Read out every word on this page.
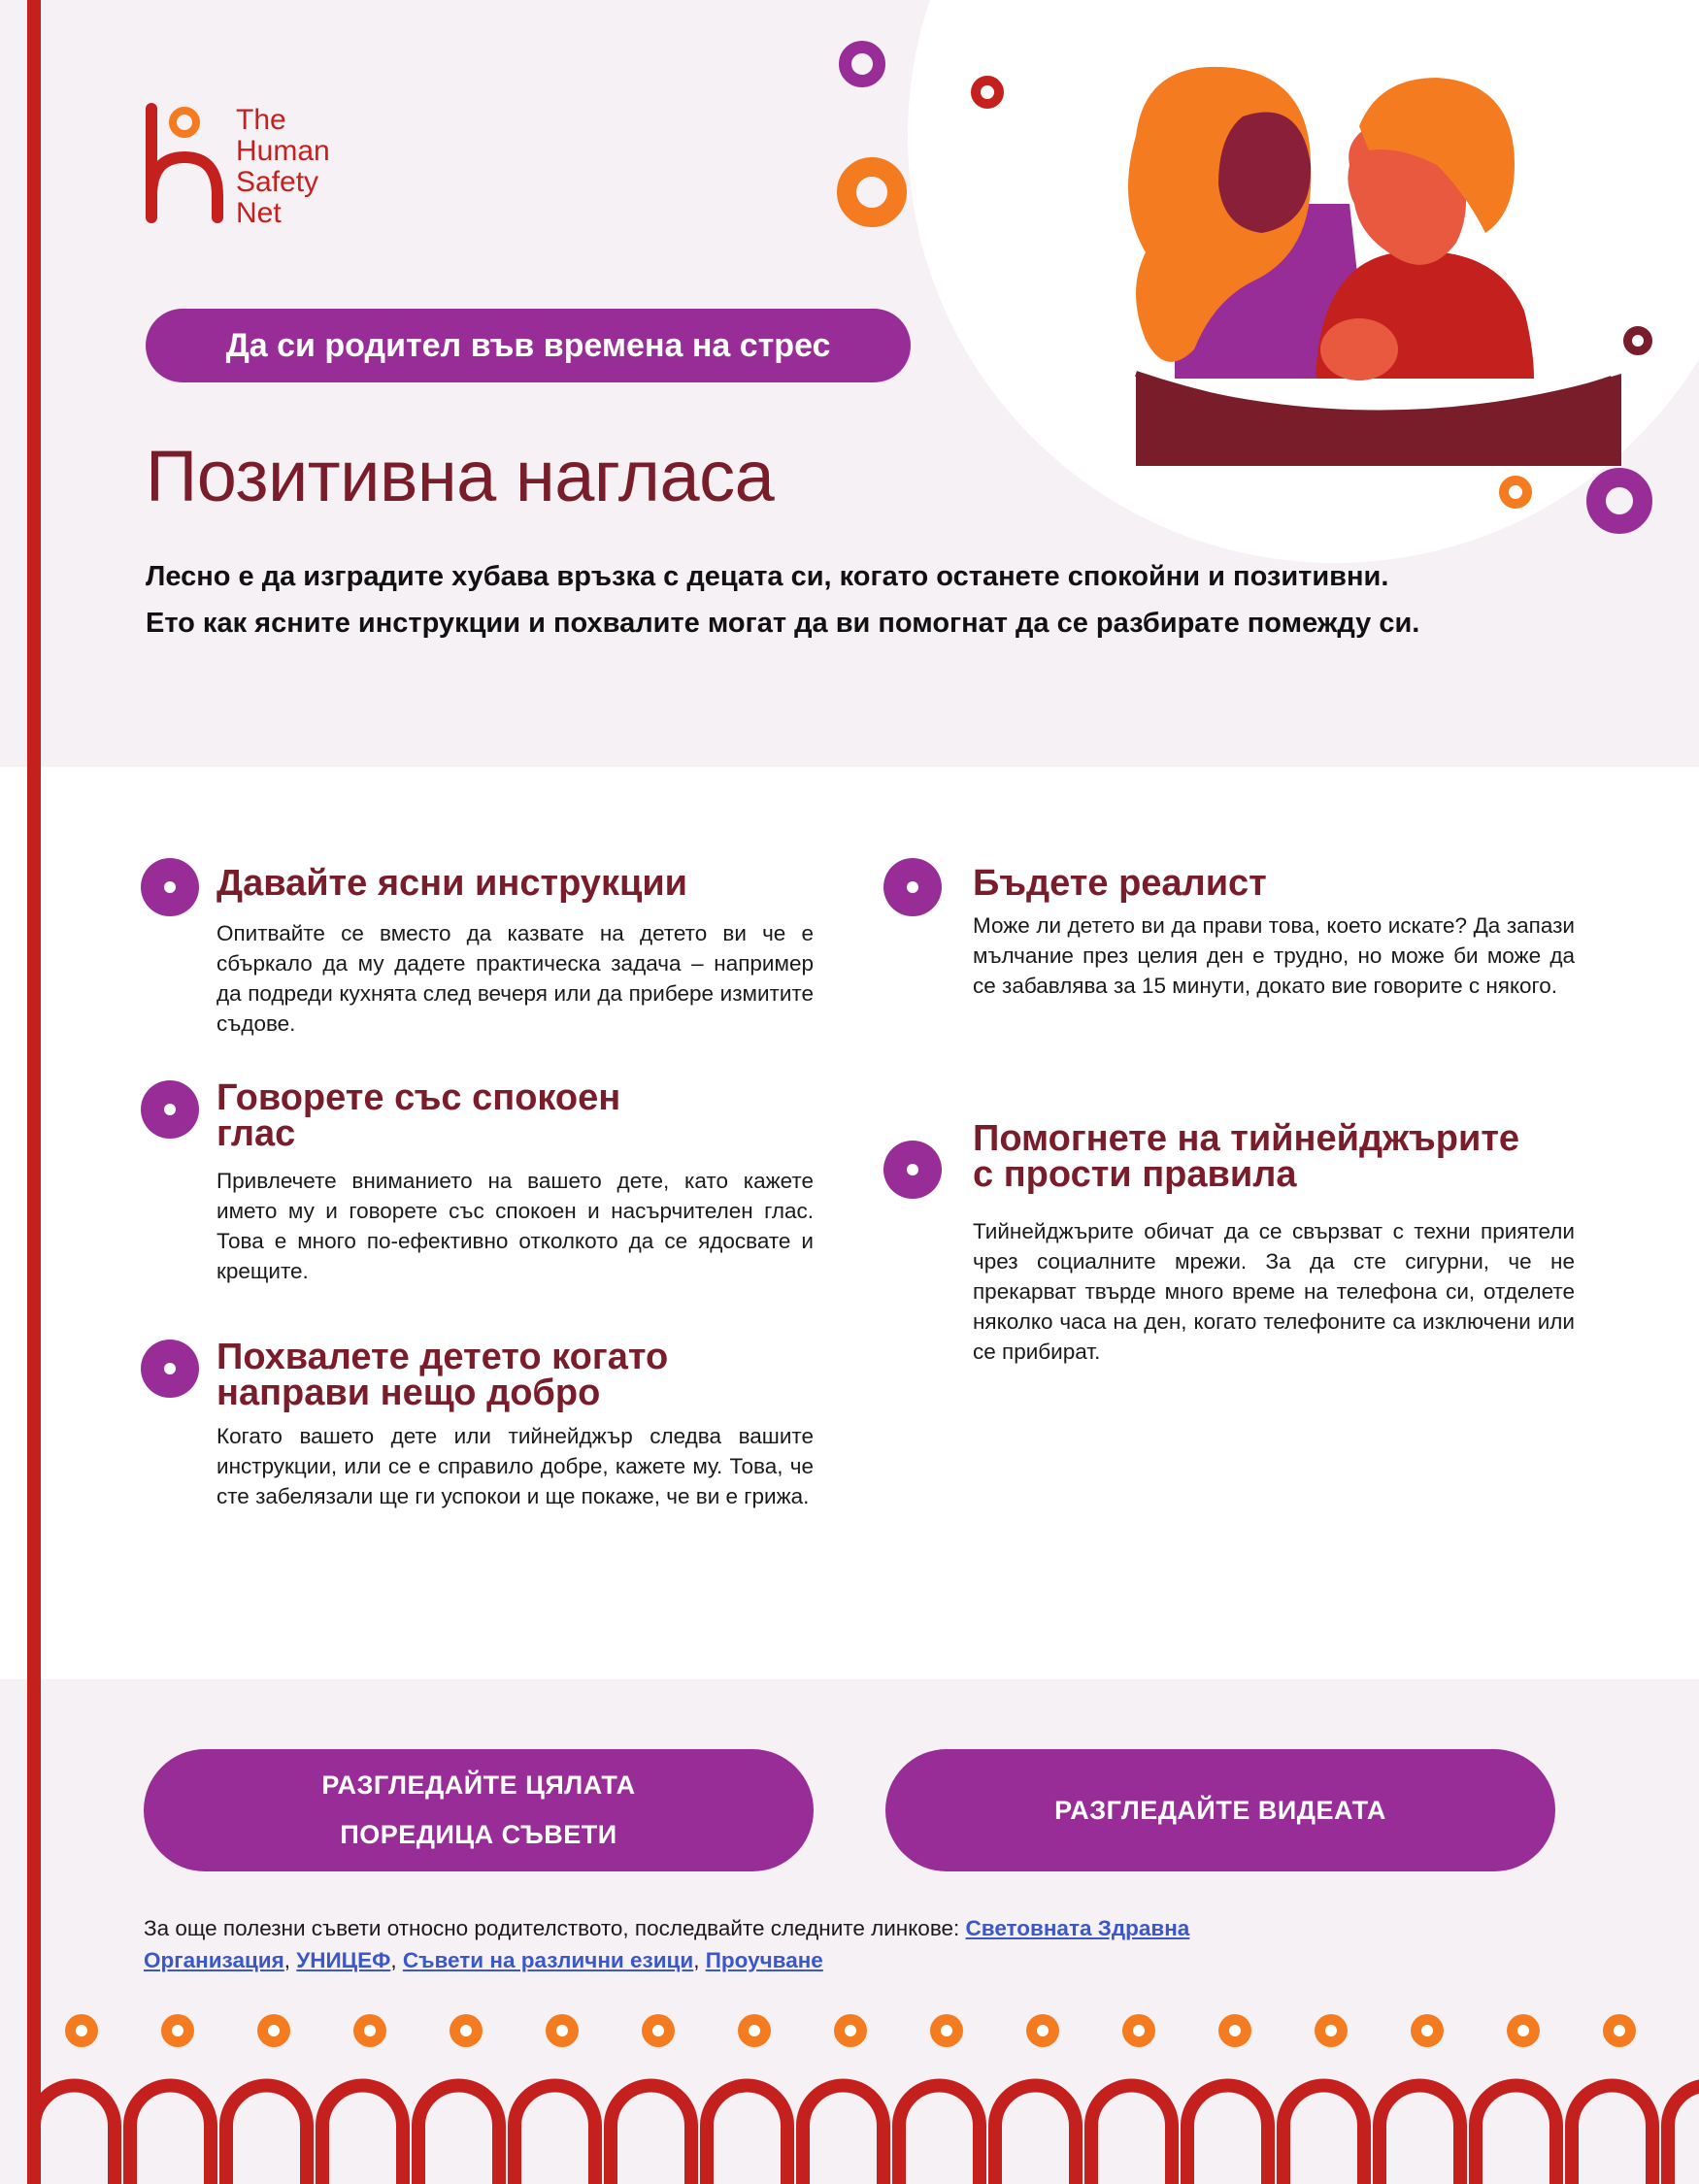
The
Human
Safety
Net
Да си родител във времена на стрес
Позитивна нагласа
Лесно е да изградите хубава връзка с децата си, когато останете спокойни и позитивни.
Ето как ясните инструкции и похвалите могат да ви помогнат да се разбирате помежду си.
Давайте ясни инструкции
Опитвайте се вместо да казвате на детето ви че е сбъркало да му дадете практическа задача – например да подреди кухнята след вечеря или да прибере измитите съдове.
Бъдете реалист
Може ли детето ви да прави това, което искате? Да запази мълчание през целия ден е трудно, но може би може да се забавлява за 15 минути, докато вие говорите с някого.
Говорете със спокоен
глас
Привлечете вниманието на вашето дете, като кажете името му и говорете със спокоен и насърчителен глас. Това е много по-ефективно отколкото да се ядосвате и крещите.
Помогнете на тийнейджърите
с прости правила
Тийнейджърите обичат да се свързват с техни приятели чрез социалните мрежи. За да сте сигурни, че не прекарват твърде много време на телефона си, отделете няколко часа на ден, когато телефоните са изключени или се прибират.
Похвалете детето когато
направи нещо добро
Когато вашето дете или тийнейджър следва вашите инструкции, или се е справило добре, кажете му. Това, че сте забелязали ще ги успокои и ще покаже, че ви е грижа.
РАЗГЛЕДАЙТЕ ЦЯЛАТА ПОРЕДИЦА СЪВЕТИ
РАЗГЛЕДАЙТЕ ВИДЕАТА
За още полезни съвети относно родителството, последвайте следните линкове: Световната Здравна Организация, УНИЦЕФ, Съвети на различни езици, Проучване
